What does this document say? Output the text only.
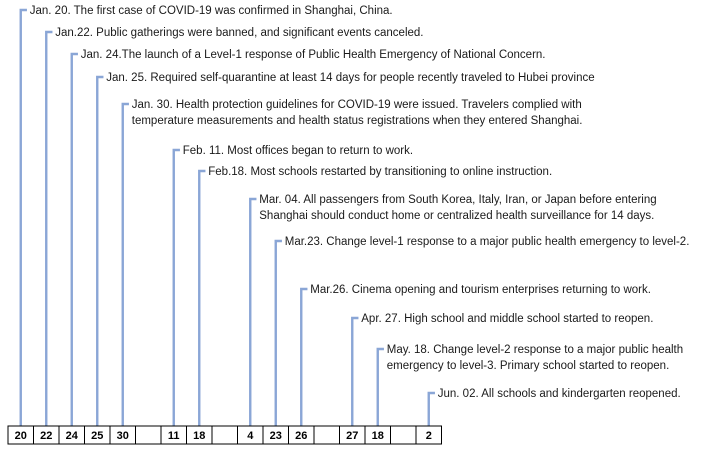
Jan. 20. The first case of COVID-19 was confirmed in Shanghai, China.
Jan.22. Public gatherings were banned, and significant events canceled.
Jan. 24.The launch of a Level-1 response of Public Health Emergency of National Concern.
Jan. 25. Required self-quarantine at least 14 days for people recently traveled to Hubei province
Jan. 30. Health protection guidelines for COVID-19 were issued. Travelers complied with
temperature measurements and health status registrations when they entered Shanghai.
Feb. 11. Most offices began to return to work.
Feb.18. Most schools restarted by transitioning to online instruction.
Mar. 04. All passengers from South Korea, Italy, Iran, or Japan before entering
Shanghai should conduct home or centralized health surveillance for 14 days.
Mar.23. Change level-1 response to a major public health emergency to level-2.
Mar.26. Cinema opening and tourism enterprises returning to work.
Apr. 27. High school and middle school started to reopen.
May. 18. Change level-2 response to a major public health
emergency to level-3. Primary school started to reopen.
Jun. 02. All schools and kindergarten reopened.
20 22 24 25 30	11 18	4 23 26	27 18	2
